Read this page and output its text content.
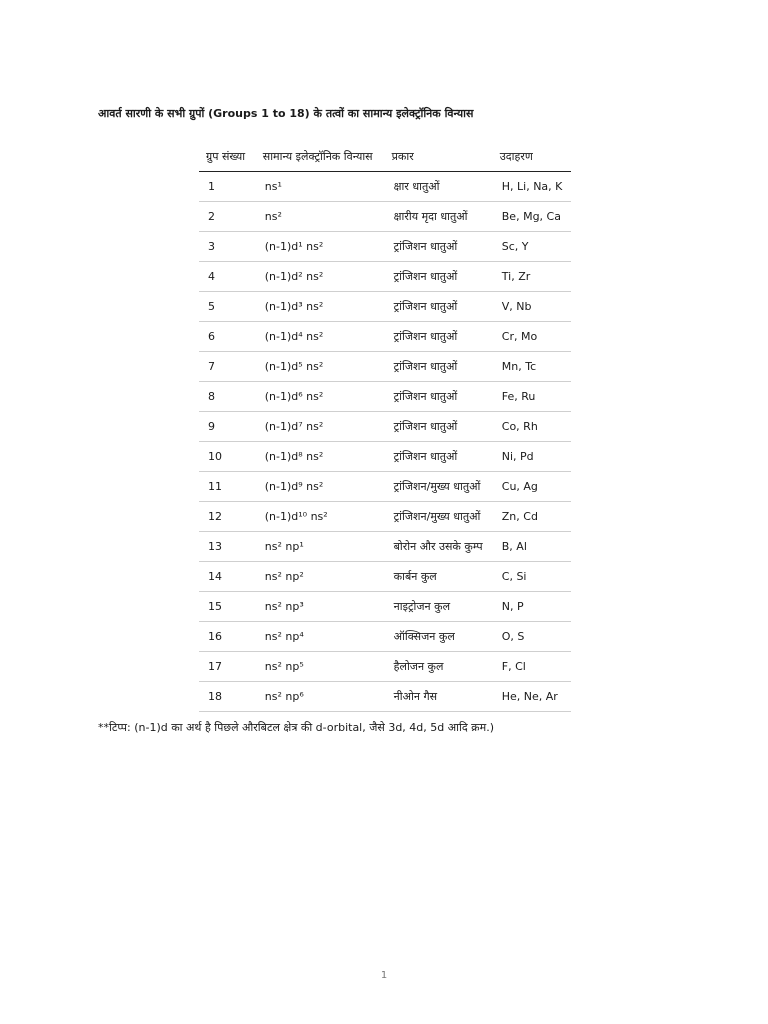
आवर्त सारणी के सभी ग्रुपों (Groups 1 to 18) के तत्वों का सामान्य इलेक्ट्रॉनिक विन्यास
ग्रुप संख्या	सामान्य इलेक्ट्रॉनिक विन्यास	प्रकार	उदाहरण
1	ns¹	क्षार धातुओं	H, Li, Na, K
2	ns²	क्षारीय मृदा धातुओं	Be, Mg, Ca
3	(n-1)d¹ ns²	ट्रांजिशन धातुओं	Sc, Y
4	(n-1)d² ns²	ट्रांजिशन धातुओं	Ti, Zr
5	(n-1)d³ ns²	ट्रांजिशन धातुओं	V, Nb
6	(n-1)d⁴ ns²	ट्रांजिशन धातुओं	Cr, Mo
7	(n-1)d⁵ ns²	ट्रांजिशन धातुओं	Mn, Tc
8	(n-1)d⁶ ns²	ट्रांजिशन धातुओं	Fe, Ru
9	(n-1)d⁷ ns²	ट्रांजिशन धातुओं	Co, Rh
10	(n-1)d⁸ ns²	ट्रांजिशन धातुओं	Ni, Pd
11	(n-1)d⁹ ns²	ट्रांजिशन/मुख्य धातुओं	Cu, Ag
12	(n-1)d¹⁰ ns²	ट्रांजिशन/मुख्य धातुओं	Zn, Cd
13	ns² np¹	बोरोन और उसके कुम्प	B, Al
14	ns² np²	कार्बन कुल	C, Si
15	ns² np³	नाइट्रोजन कुल	N, P
16	ns² np⁴	ऑक्सिजन कुल	O, S
17	ns² np⁵	हैलोजन कुल	F, Cl
18	ns² np⁶	नीओन गैस	He, Ne, Ar
**टिप्प: (n-1)d का अर्थ है पिछले औरबिटल क्षेत्र की d-orbital, जैसे 3d, 4d, 5d आदि क्रम.)
1
